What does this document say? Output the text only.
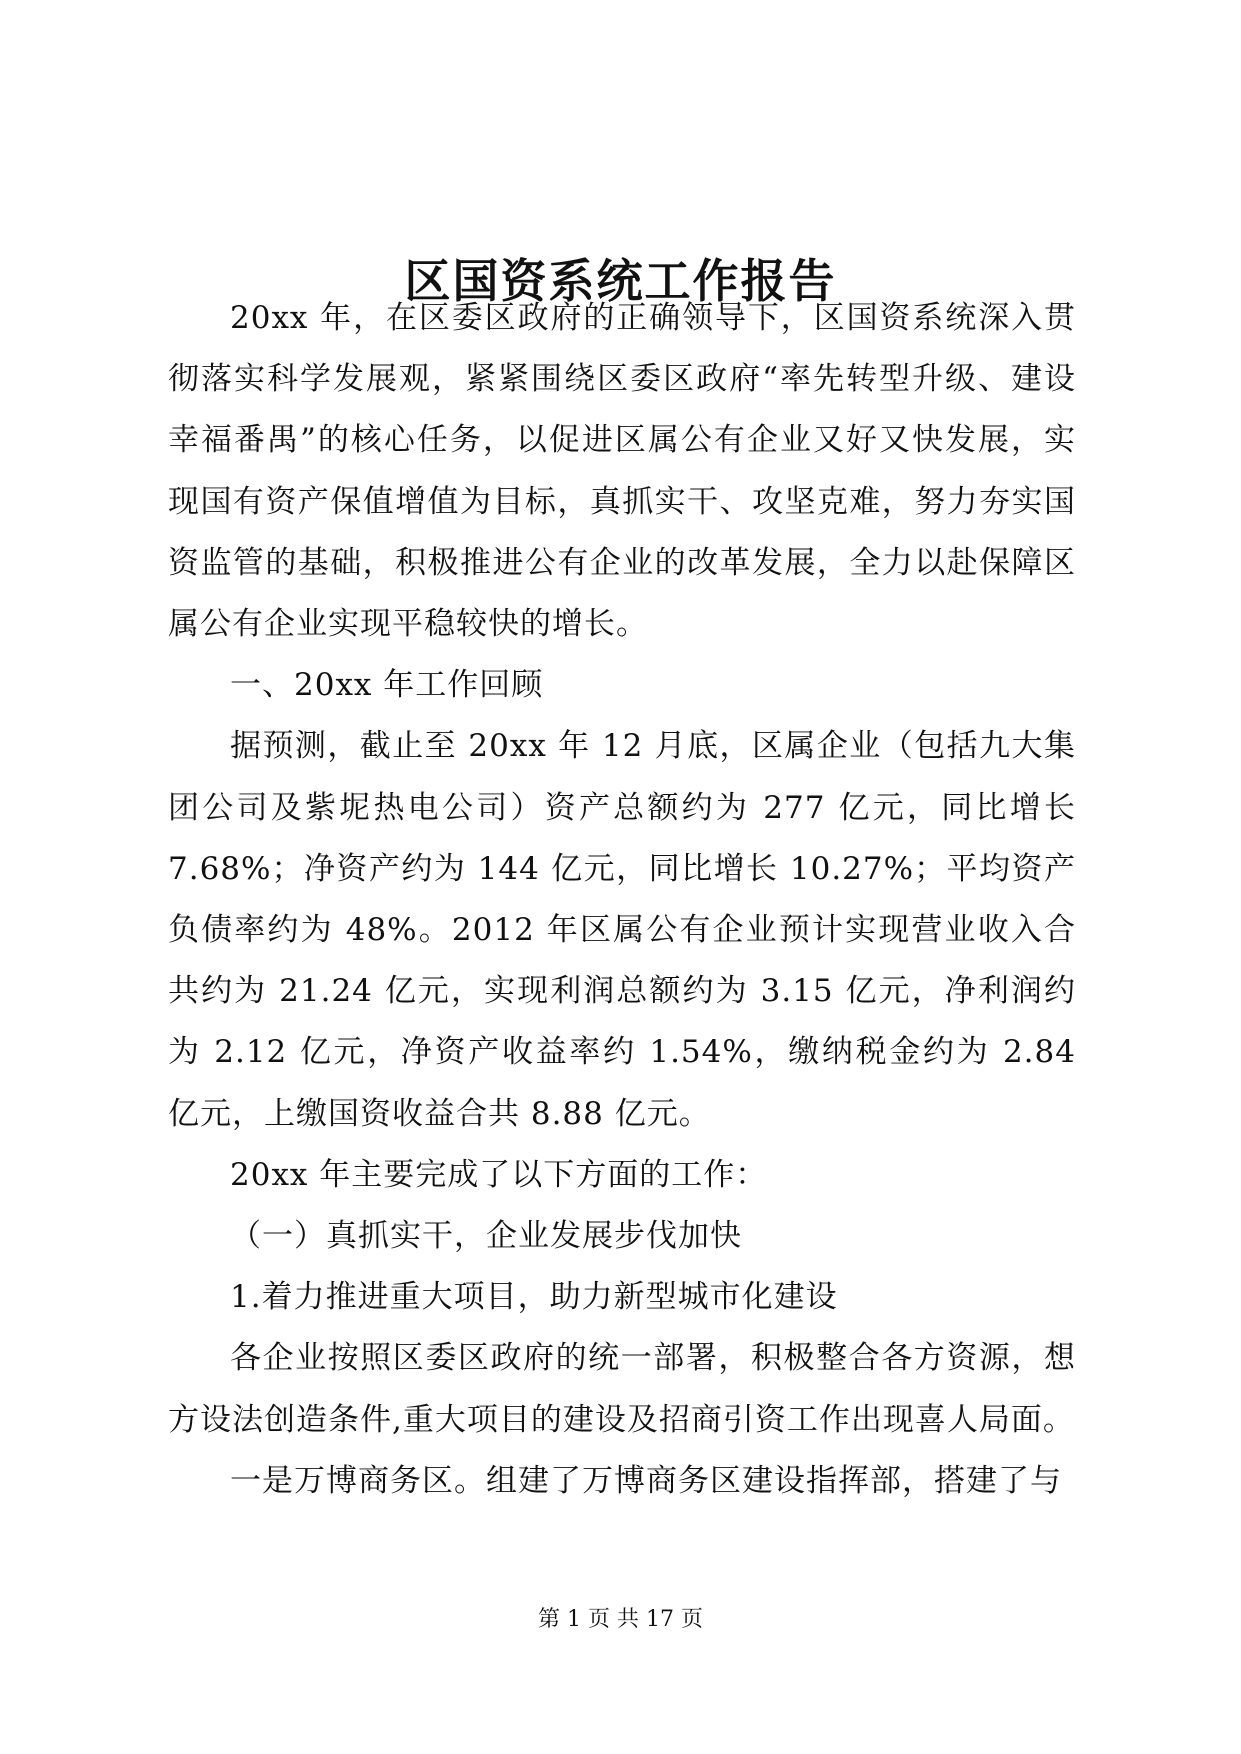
区国资系统工作报告

20xx 年，在区委区政府的正确领导下，区国资系统深入贯彻落实科学发展观，紧紧围绕区委区政府“率先转型升级、建设幸福番禺”的核心任务，以促进区属公有企业又好又快发展，实现国有资产保值增值为目标，真抓实干、攻坚克难，努力夯实国资监管的基础，积极推进公有企业的改革发展，全力以赴保障区属公有企业实现平稳较快的增长。

一、20xx 年工作回顾

据预测，截止至 20xx 年 12 月底，区属企业（包括九大集团公司及紫坭热电公司）资产总额约为 277 亿元，同比增长 7.68%；净资产约为 144 亿元，同比增长 10.27%；平均资产负债率约为 48%。2012 年区属公有企业预计实现营业收入合共约为 21.24 亿元，实现利润总额约为 3.15 亿元，净利润约为 2.12 亿元，净资产收益率约 1.54%，缴纳税金约为 2.84 亿元，上缴国资收益合共 8.88 亿元。

20xx 年主要完成了以下方面的工作：

（一）真抓实干，企业发展步伐加快

1.着力推进重大项目，助力新型城市化建设

各企业按照区委区政府的统一部署，积极整合各方资源，想方设法创造条件,重大项目的建设及招商引资工作出现喜人局面。

一是万博商务区。组建了万博商务区建设指挥部，搭建了与

第 1 页 共 17 页
